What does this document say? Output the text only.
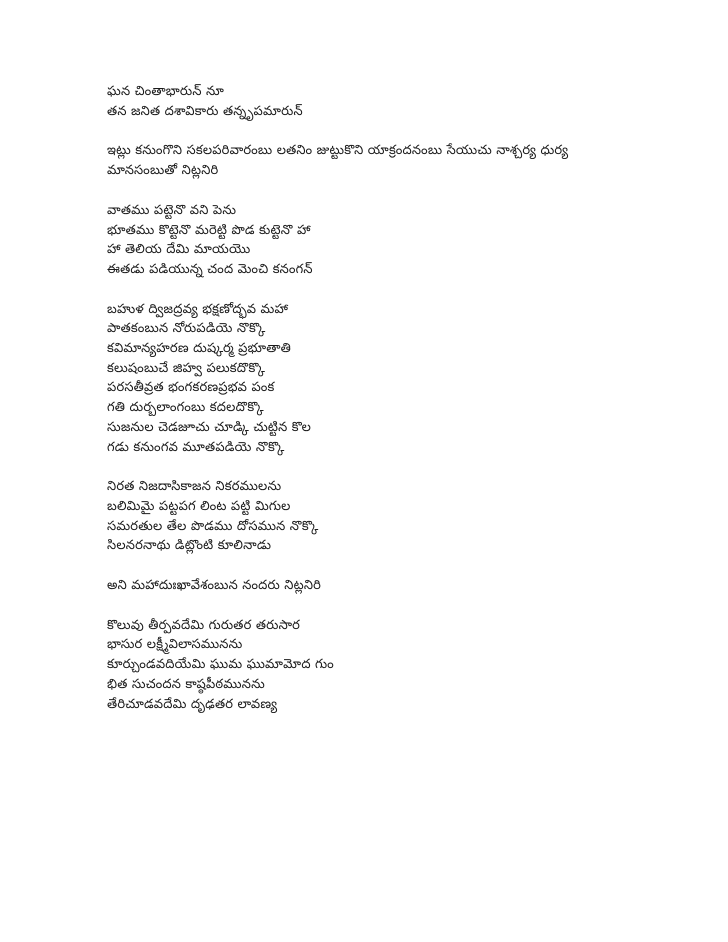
ఘన చింతాభారున్ నూ
తన జనిత దశావికారు తన్నృపమారున్
ఇట్లు కనుంగొని సకలపరివారంబు లతనిం జుట్టుకొని యాక్రందనంబు సేయుచు నాశ్చర్య ధుర్య
మానసంబుతో నిట్లనిరి
వాతము పట్టెనొ వని పెను
భూతము కొట్టెనొ మరెట్టి పొడ కుట్టెనొ హా
హా తెలియ దేమి మాయయొ
ఈతడు పడియున్న చంద మెంచి కనంగన్
బహుళ ద్విజద్రవ్య భక్షణోద్భవ మహా
పాతకంబున నోరుపడియె నొక్కొ
కవిమాన్యహరణ దుష్కర్మ ప్రభూతాతి
కలుషంబుచే జిహ్వ పలుకదొక్కొ
పరసతీవ్రత భంగకరణప్రభవ పంక
గతి దుర్బలాంగంబు కదలదొక్కొ
సుజనుల చెడజూచు చూడ్కి చుట్టిన కొల
గడు కనుంగవ మూతపడియె నొక్కొ
నిరత నిజదాసికాజన నికరములను
బలిమిమై పట్టపగ లింట పట్టి మిగుల
సమరతుల తేల పొడము దోసమున నొక్కొ
సిలనరనాథు డిట్లొంటి కూలినాడు
అని మహాదుఃఖావేశంబున నందరు నిట్లనిరి
కొలువు తీర్పవదేమి గురుతర తరుసార
భాసుర లక్ష్మీవిలాసమునను
కూర్చుండవదియేమి ఘుమ ఘుమామోద గుం
భిత సుచందన కాష్ఠపీఠమునను
తేరిచూడవదేమి దృఢతర లావణ్య
